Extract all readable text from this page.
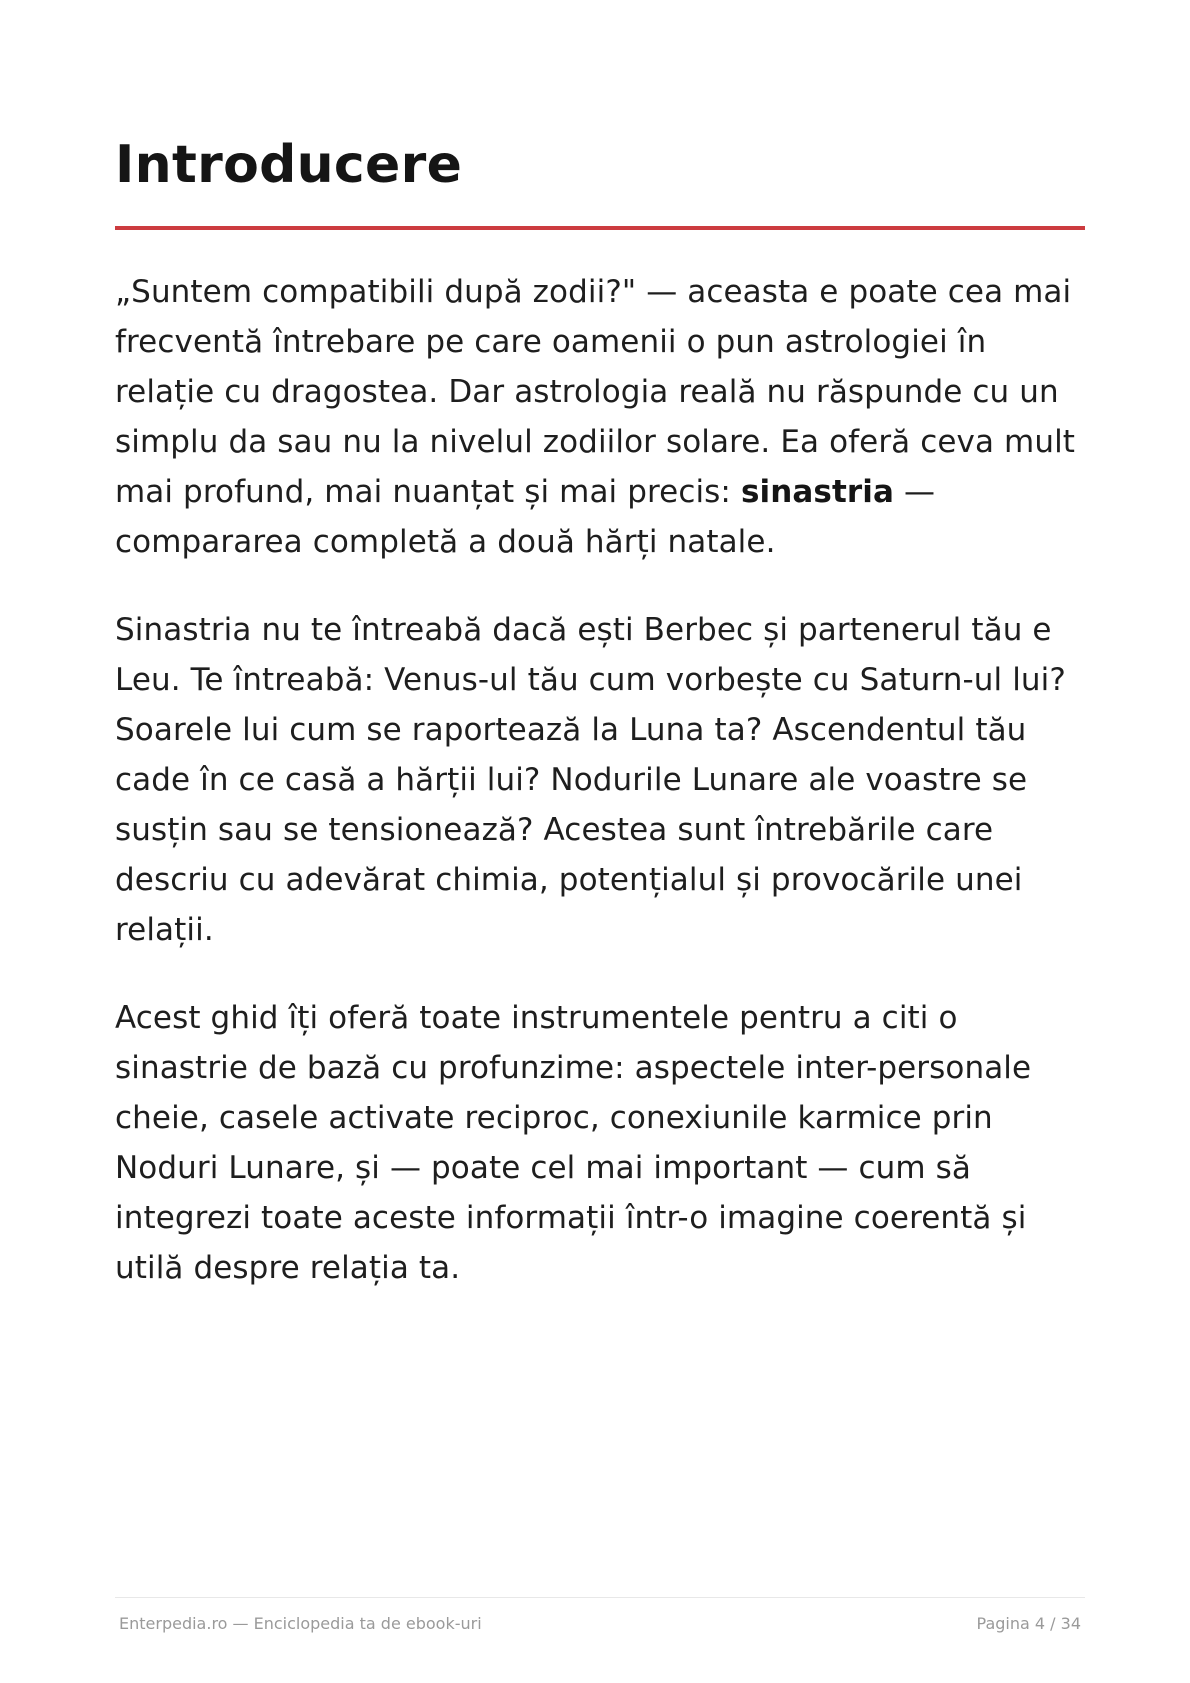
Introducere

„Suntem compatibili după zodii?" — aceasta e poate cea mai frecventă întrebare pe care oamenii o pun astrologiei în relație cu dragostea. Dar astrologia reală nu răspunde cu un simplu da sau nu la nivelul zodiilor solare. Ea oferă ceva mult mai profund, mai nuanțat și mai precis: sinastria — compararea completă a două hărți natale.

Sinastria nu te întreabă dacă ești Berbec și partenerul tău e Leu. Te întreabă: Venus-ul tău cum vorbește cu Saturn-ul lui? Soarele lui cum se raportează la Luna ta? Ascendentul tău cade în ce casă a hărții lui? Nodurile Lunare ale voastre se susțin sau se tensionează? Acestea sunt întrebările care descriu cu adevărat chimia, potențialul și provocările unei relații.

Acest ghid îți oferă toate instrumentele pentru a citi o sinastrie de bază cu profunzime: aspectele inter-personale cheie, casele activate reciproc, conexiunile karmice prin Noduri Lunare, și — poate cel mai important — cum să integrezi toate aceste informații într-o imagine coerentă și utilă despre relația ta.

Enterpedia.ro — Enciclopedia ta de ebook-uri	Pagina 4 / 34
